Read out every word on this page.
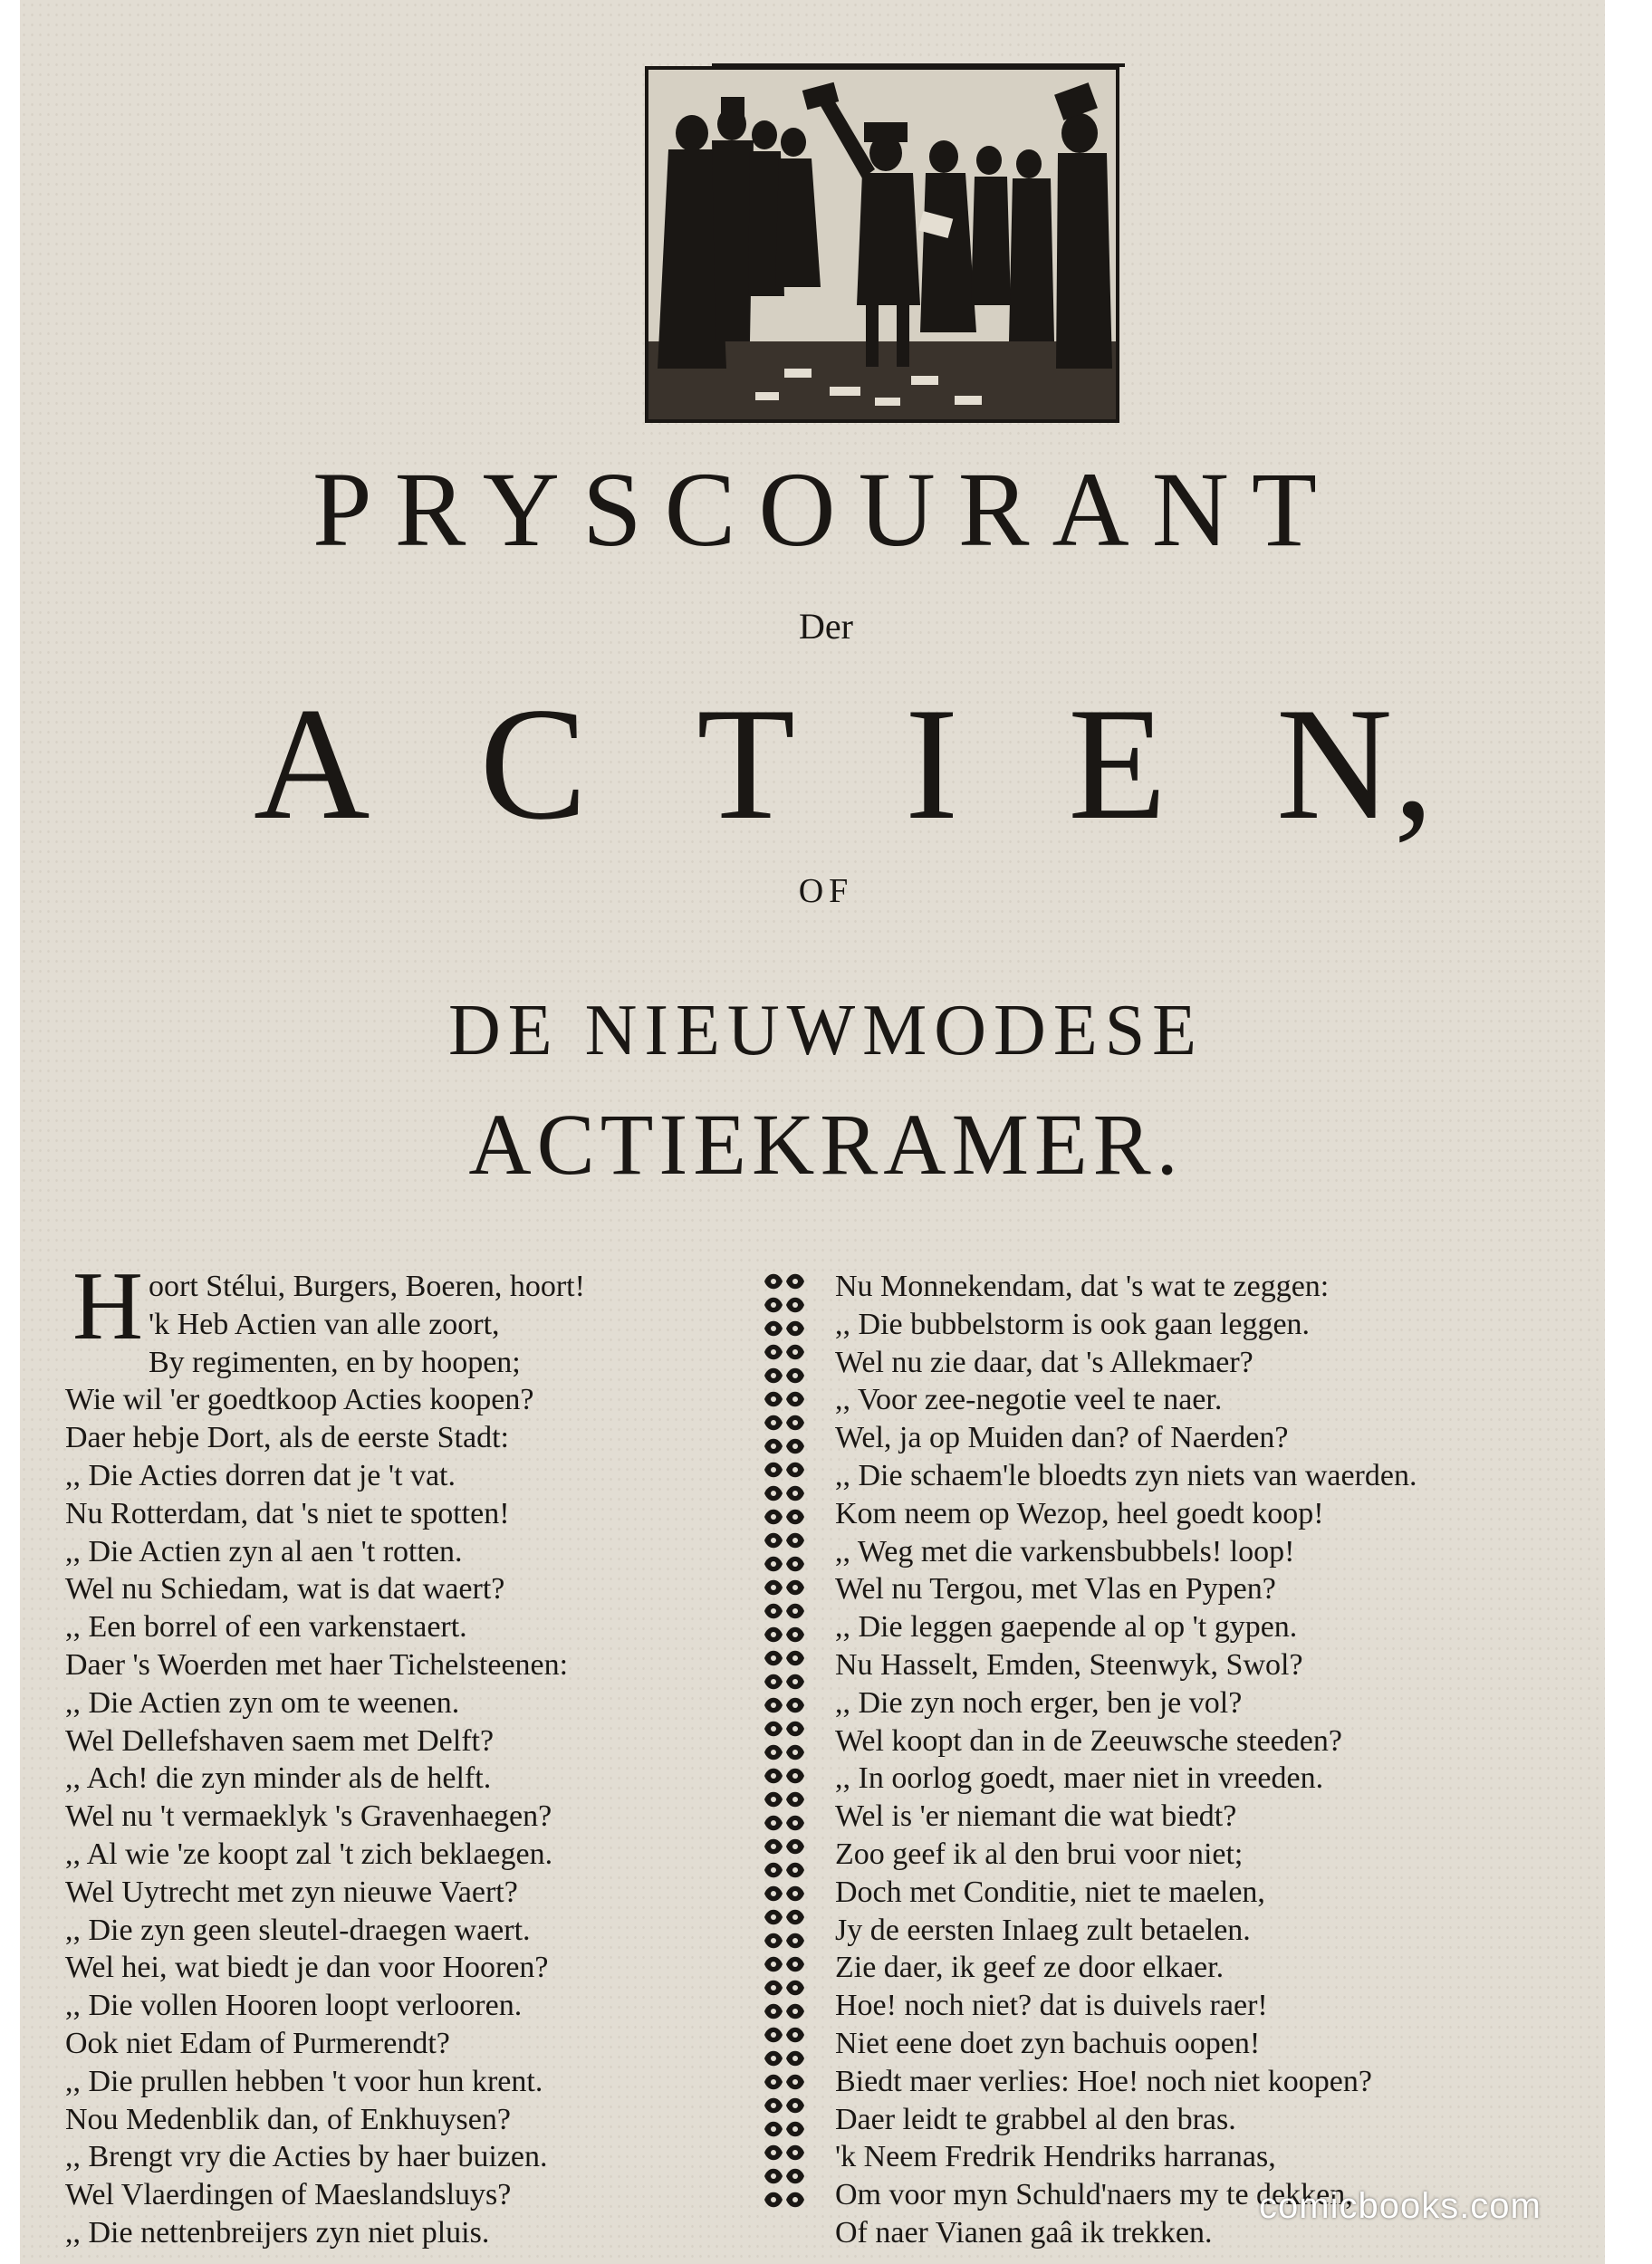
PRYSCOURANT
Der
A C T I E N,
OF
DE NIEUWMODESE
ACTIEKRAMER.
H oort Stélui, Burgers, Boeren, hoort!
'k Heb Actien van alle zoort,
By regimenten, en by hoopen;
Wie wil 'er goedtkoop Acties koopen?
Daer hebje Dort, als de eerste Stadt:
,, Die Acties dorren dat je 't vat.
Nu Rotterdam, dat 's niet te spotten!
,, Die Actien zyn al aen 't rotten.
Wel nu Schiedam, wat is dat waert?
,, Een borrel of een varkenstaert.
Daer 's Woerden met haer Tichelsteenen:
,, Die Actien zyn om te weenen.
Wel Dellefshaven saem met Delft?
,, Ach! die zyn minder als de helft.
Wel nu 't vermaeklyk 's Gravenhaegen?
,, Al wie 'ze koopt zal 't zich beklaegen.
Wel Uytrecht met zyn nieuwe Vaert?
,, Die zyn geen sleutel-draegen waert.
Wel hei, wat biedt je dan voor Hooren?
,, Die vollen Hooren loopt verlooren.
Ook niet Edam of Purmerendt?
,, Die prullen hebben 't voor hun krent.
Nou Medenblik dan, of Enkhuysen?
,, Brengt vry die Acties by haer buizen.
Wel Vlaerdingen of Maeslandsluys?
,, Die nettenbreijers zyn niet pluis.
Nu Monnekendam, dat 's wat te zeggen:
,, Die bubbelstorm is ook gaan leggen.
Wel nu zie daar, dat 's Allekmaer?
,, Voor zee-negotie veel te naer.
Wel, ja op Muiden dan? of Naerden?
,, Die schaem'le bloedts zyn niets van waerden.
Kom neem op Wezop, heel goedt koop!
,, Weg met die varkensbubbels! loop!
Wel nu Tergou, met Vlas en Pypen?
,, Die leggen gaepende al op 't gypen.
Nu Hasselt, Emden, Steenwyk, Swol?
,, Die zyn noch erger, ben je vol?
Wel koopt dan in de Zeeuwsche steeden?
,, In oorlog goedt, maer niet in vreeden.
Wel is 'er niemant die wat biedt?
Zoo geef ik al den brui voor niet;
Doch met Conditie, niet te maelen,
Jy de eersten Inlaeg zult betaelen.
Zie daer, ik geef ze door elkaer.
Hoe! noch niet? dat is duivels raer!
Niet eene doet zyn bachuis oopen!
Biedt maer verlies: Hoe! noch niet koopen?
Daer leidt te grabbel al den bras.
'k Neem Fredrik Hendriks harranas,
Om voor myn Schuld'naers my te dekken,
Of naer Vianen gaâ ik trekken.
comicbooks.com
